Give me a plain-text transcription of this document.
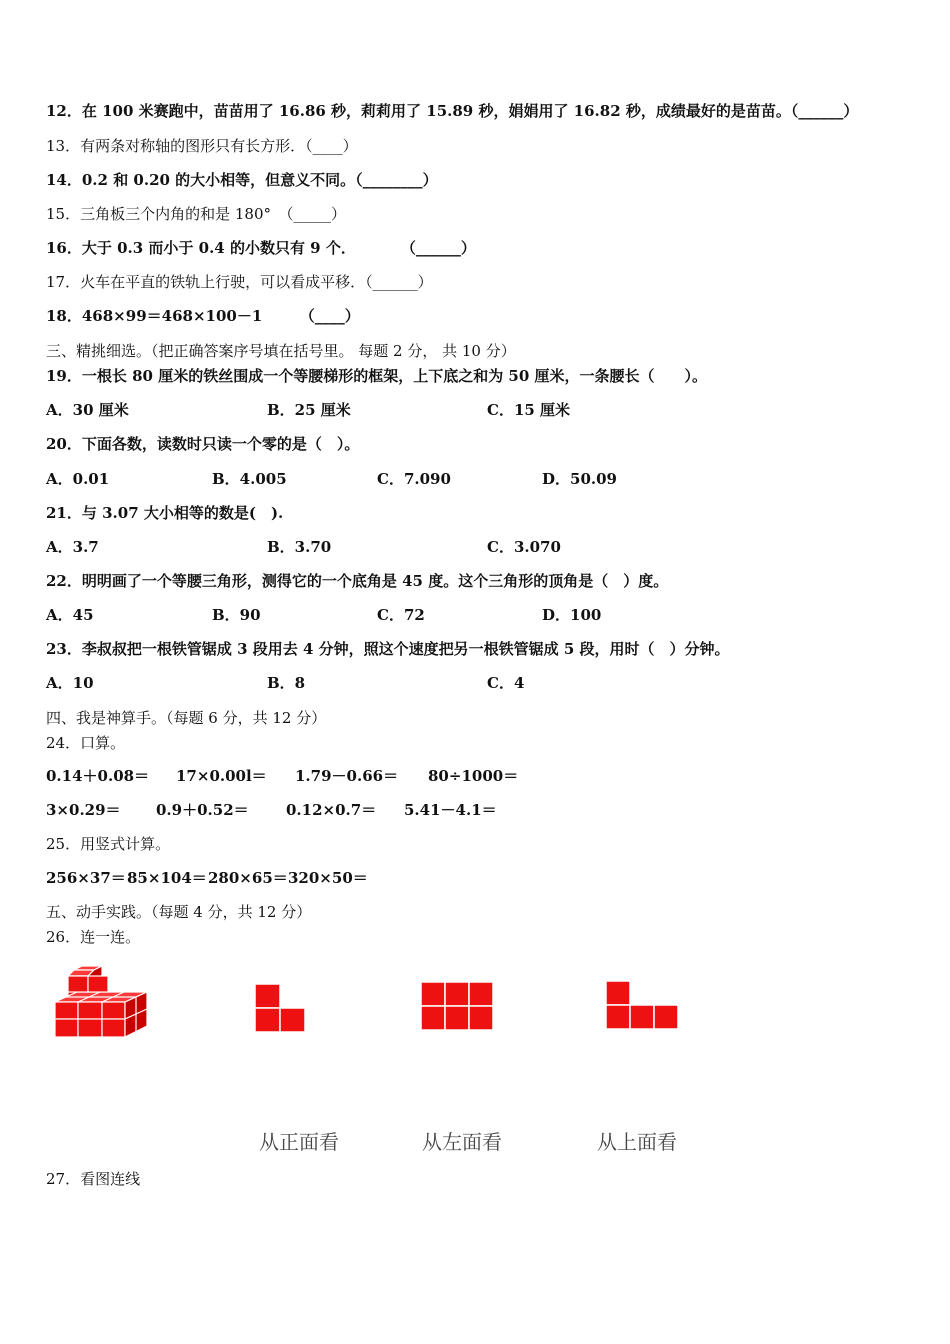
12．在 100 米赛跑中，苗苗用了 16.86 秒，莉莉用了 15.89 秒，娟娟用了 16.82 秒，成绩最好的是苗苗。（______）
13．有两条对称轴的图形只有长方形．（____）
14．0.2 和 0.20 的大小相等，但意义不同。（________）
15．三角板三个内角的和是 180°　（_____）
16．大于 0.3 而小于 0.4 的小数只有 9 个．　　　　（______）
17．火车在平直的铁轨上行驶，可以看成平移．（______）
18．468×99＝468×100－1　　　（____）
三、精挑细选。（把正确答案序号填在括号里。 每题 2 分， 共 10 分）
19．一根长 80 厘米的铁丝围成一个等腰梯形的框架，上下底之和为 50 厘米，一条腰长（　　）。
A．30 厘米	B．25 厘米	C．15 厘米
20．下面各数，读数时只读一个零的是（　）。
A．0.01	B．4.005	C．7.090	D．50.09
21．与 3.07 大小相等的数是(　).
A．3.7	B．3.70	C．3.070
22．明明画了一个等腰三角形，测得它的一个底角是 45 度。这个三角形的顶角是（　）度。
A．45	B．90	C．72	D．100
23．李叔叔把一根铁管锯成 3 段用去 4 分钟，照这个速度把另一根铁管锯成 5 段，用时（　）分钟。
A．10	B．8	C．4
四、我是神算手。（每题 6 分，共 12 分）
24．口算。
0.14＋0.08＝ 17×0.00l＝ 1.79－0.66＝ 80÷1000＝
3×0.29＝ 0.9＋0.52＝ 0.12×0.7＝ 5.41－4.1＝
25．用竖式计算。
256×37＝ 85×104＝ 280×65＝ 320×50＝
五、动手实践。（每题 4 分，共 12 分）
26．连一连。
从正面看	从左面看	从上面看
27．看图连线
